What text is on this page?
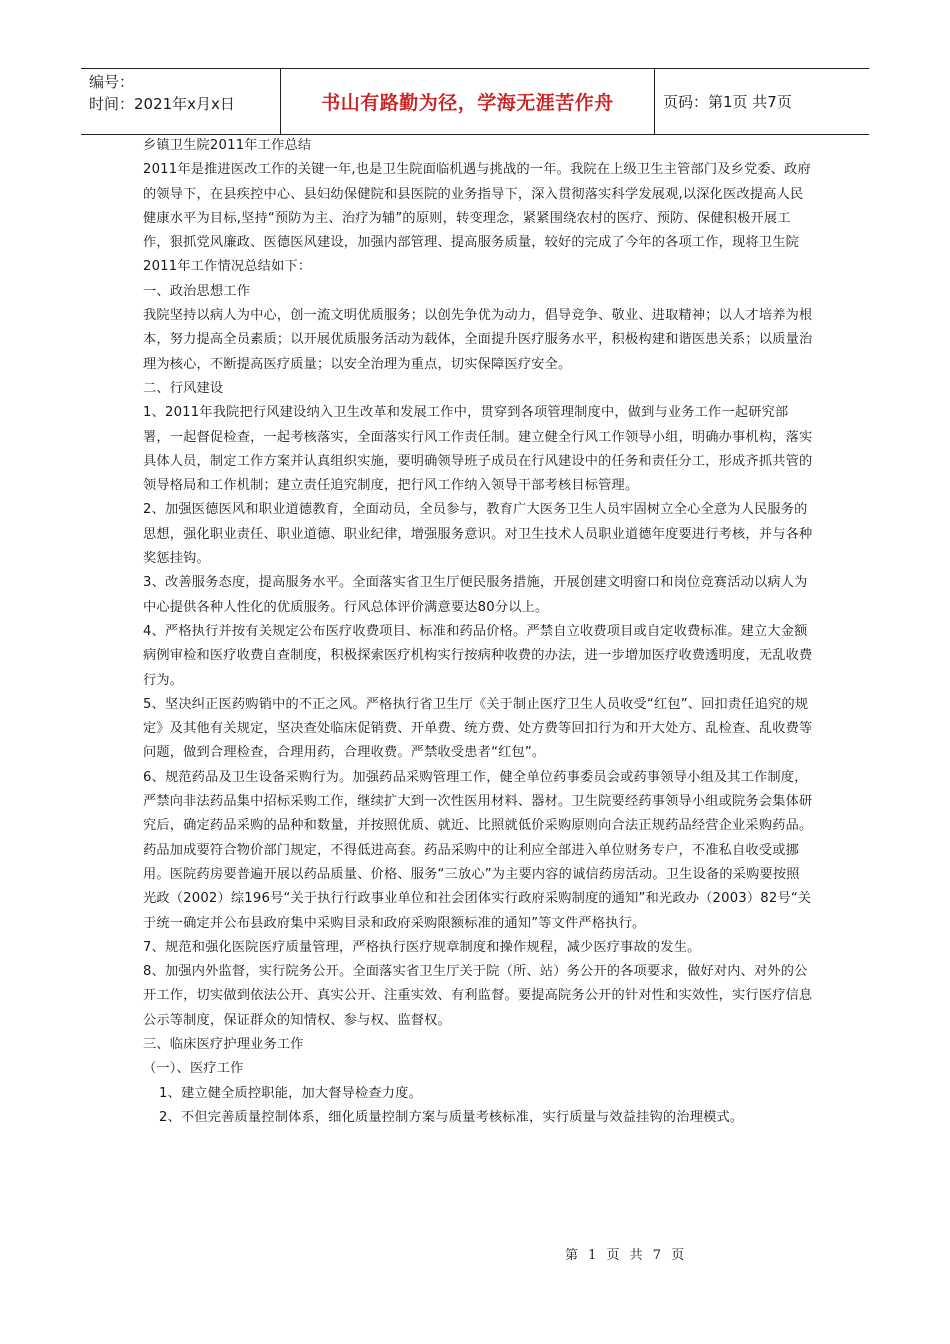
编号：
时间：2021年x月x日	书山有路勤为径，学海无涯苦作舟	页码：第1页 共7页

乡镇卫生院2011年工作总结

2011年是推进医改工作的关键一年,也是卫生院面临机遇与挑战的一年。我院在上级卫生主管部门及乡党委、政府的领导下，在县疾控中心、县妇幼保健院和县医院的业务指导下，深入贯彻落实科学发展观,以深化医改提高人民健康水平为目标,坚持“预防为主、治疗为辅”的原则，转变理念，紧紧围绕农村的医疗、预防、保健积极开展工作，狠抓党风廉政、医德医风建设，加强内部管理、提高服务质量，较好的完成了今年的各项工作，现将卫生院2011年工作情况总结如下：

一、政治思想工作

我院坚持以病人为中心，创一流文明优质服务；以创先争优为动力，倡导竞争、敬业、进取精神；以人才培养为根本，努力提高全员素质；以开展优质服务活动为载体，全面提升医疗服务水平，积极构建和谐医患关系；以质量治理为核心，不断提高医疗质量；以安全治理为重点，切实保障医疗安全。

二、行风建设

1、2011年我院把行风建设纳入卫生改革和发展工作中，贯穿到各项管理制度中，做到与业务工作一起研究部署，一起督促检查，一起考核落实，全面落实行风工作责任制。建立健全行风工作领导小组，明确办事机构，落实具体人员，制定工作方案并认真组织实施，要明确领导班子成员在行风建设中的任务和责任分工，形成齐抓共管的领导格局和工作机制；建立责任追究制度，把行风工作纳入领导干部考核目标管理。

2、加强医德医风和职业道德教育，全面动员，全员参与，教育广大医务卫生人员牢固树立全心全意为人民服务的思想，强化职业责任、职业道德、职业纪律，增强服务意识。对卫生技术人员职业道德年度要进行考核，并与各种奖惩挂钩。

3、改善服务态度，提高服务水平。全面落实省卫生厅便民服务措施，开展创建文明窗口和岗位竞赛活动以病人为中心提供各种人性化的优质服务。行风总体评价满意要达80分以上。

4、严格执行并按有关规定公布医疗收费项目、标准和药品价格。严禁自立收费项目或自定收费标准。建立大金额病例审检和医疗收费自查制度，积极探索医疗机构实行按病种收费的办法，进一步增加医疗收费透明度，无乱收费行为。

5、坚决纠正医药购销中的不正之风。严格执行省卫生厅《关于制止医疗卫生人员收受“红包”、回扣责任追究的规定》及其他有关规定，坚决查处临床促销费、开单费、统方费、处方费等回扣行为和开大处方、乱检查、乱收费等问题，做到合理检查，合理用药，合理收费。严禁收受患者“红包”。

6、规范药品及卫生设备采购行为。加强药品采购管理工作，健全单位药事委员会或药事领导小组及其工作制度，严禁向非法药品集中招标采购工作，继续扩大到一次性医用材料、器材。卫生院要经药事领导小组或院务会集体研究后，确定药品采购的品种和数量，并按照优质、就近、比照就低价采购原则向合法正规药品经营企业采购药品。药品加成要符合物价部门规定，不得低进高套。药品采购中的让利应全部进入单位财务专户，不准私自收受或挪用。医院药房要普遍开展以药品质量、价格、服务“三放心”为主要内容的诚信药房活动。卫生设备的采购要按照光政（2002）综196号“关于执行行政事业单位和社会团体实行政府采购制度的通知”和光政办（2003）82号“关于统一确定并公布县政府集中采购目录和政府采购限额标准的通知”等文件严格执行。

7、规范和强化医院医疗质量管理，严格执行医疗规章制度和操作规程，减少医疗事故的发生。

8、加强内外监督，实行院务公开。全面落实省卫生厅关于院（所、站）务公开的各项要求，做好对内、对外的公开工作，切实做到依法公开、真实公开、注重实效、有利监督。要提高院务公开的针对性和实效性，实行医疗信息公示等制度，保证群众的知情权、参与权、监督权。

三、临床医疗护理业务工作

（一）、医疗工作

1、建立健全质控职能，加大督导检查力度。

2、不但完善质量控制体系，细化质量控制方案与质量考核标准，实行质量与效益挂钩的治理模式。

第 1 页 共 7 页
